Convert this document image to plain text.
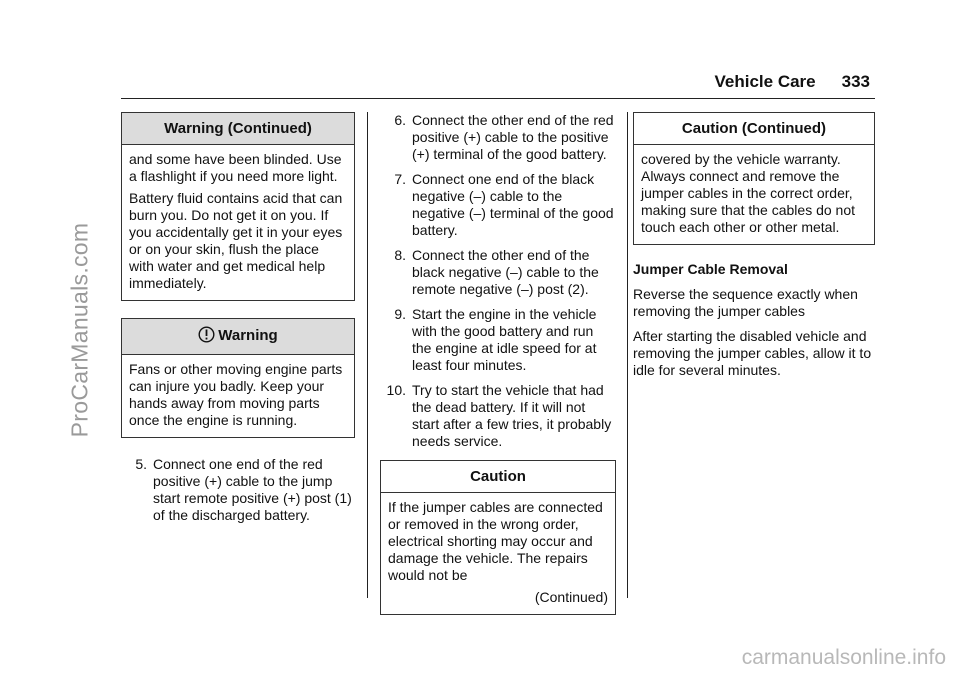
ProCarManuals.com
Vehicle Care 333
Warning (Continued)

and some have been blinded. Use a flashlight if you need more light.

Battery fluid contains acid that can burn you. Do not get it on you. If you accidentally get it in your eyes or on your skin, flush the place with water and get medical help immediately.

Warning

Fans or other moving engine parts can injure you badly. Keep your hands away from moving parts once the engine is running.

5. Connect one end of the red positive (+) cable to the jump start remote positive (+) post (1) of the discharged battery.
6. Connect the other end of the red positive (+) cable to the positive (+) terminal of the good battery.
7. Connect one end of the black negative (–) cable to the negative (–) terminal of the good battery.
8. Connect the other end of the black negative (–) cable to the remote negative (–) post (2).
9. Start the engine in the vehicle with the good battery and run the engine at idle speed for at least four minutes.
10. Try to start the vehicle that had the dead battery. If it will not start after a few tries, it probably needs service.
Caution

If the jumper cables are connected or removed in the wrong order, electrical shorting may occur and damage the vehicle. The repairs would not be

(Continued)
Caution (Continued)

covered by the vehicle warranty. Always connect and remove the jumper cables in the correct order, making sure that the cables do not touch each other or other metal.

Jumper Cable Removal

Reverse the sequence exactly when removing the jumper cables

After starting the disabled vehicle and removing the jumper cables, allow it to idle for several minutes.

carmanualsonline.info
